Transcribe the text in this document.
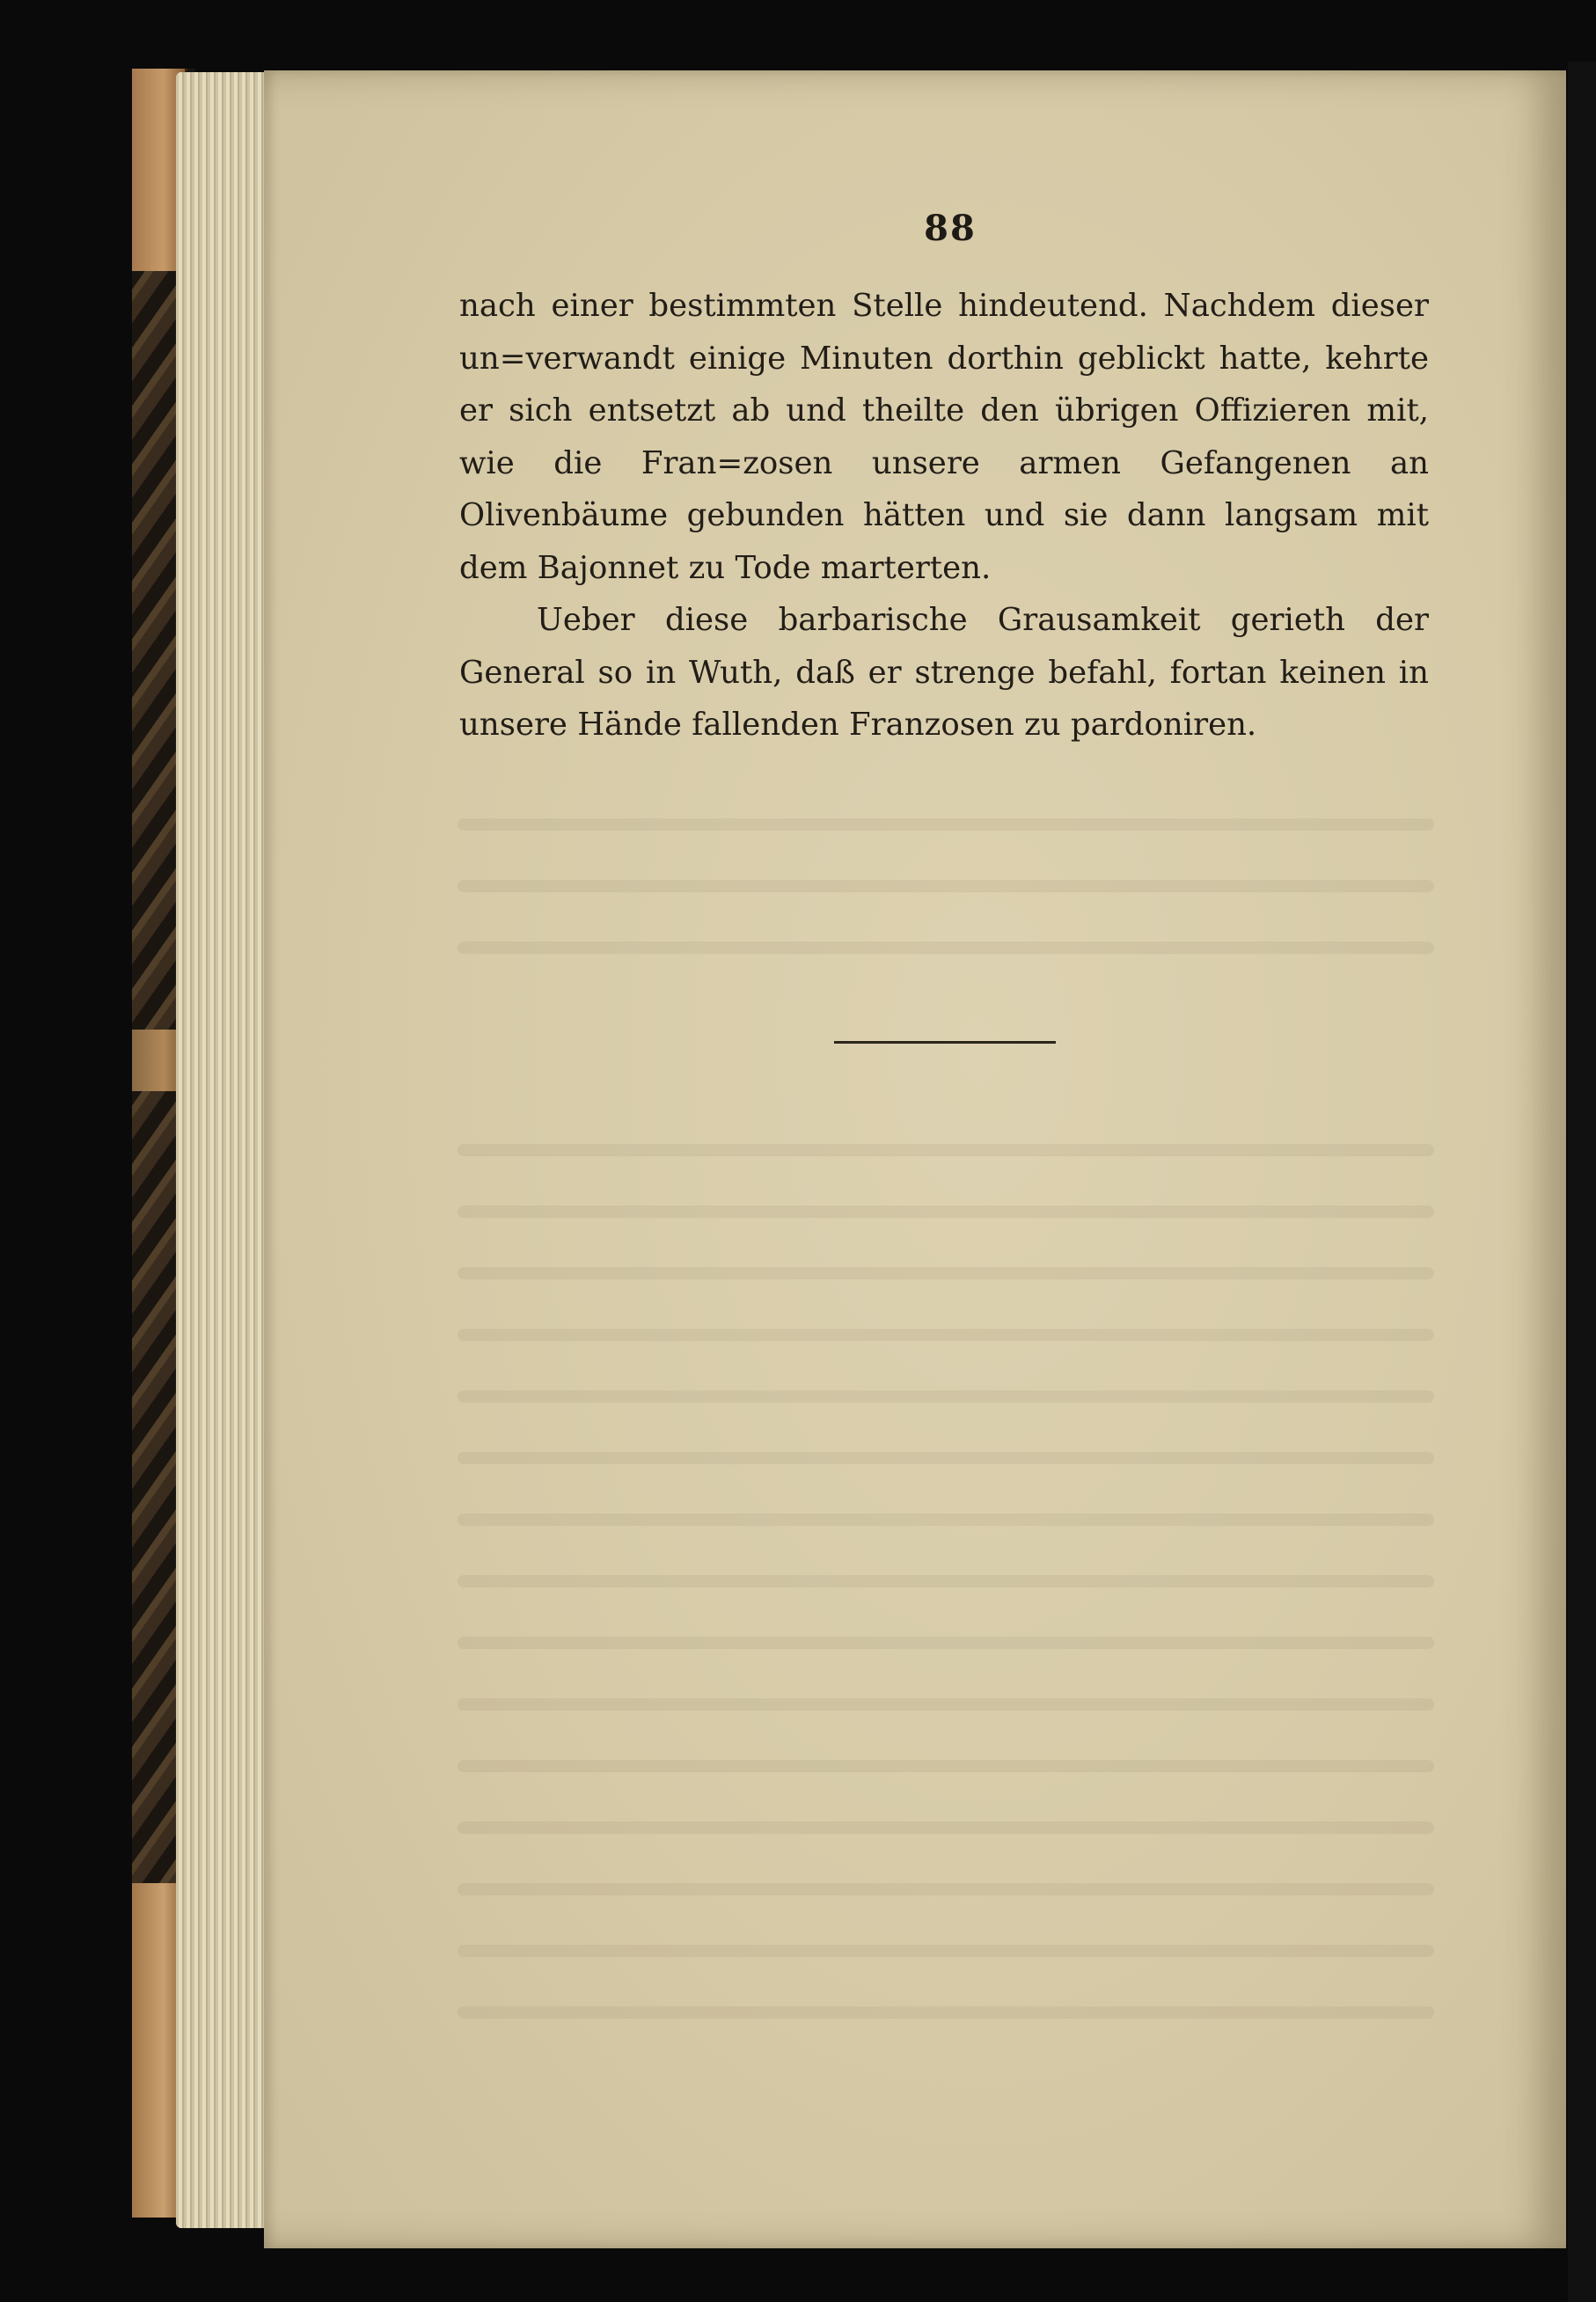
88

nach einer bestimmten Stelle hindeutend. Nachdem dieser un=verwandt einige Minuten dorthin geblickt hatte, kehrte er sich entsetzt ab und theilte den übrigen Offizieren mit, wie die Fran=zosen unsere armen Gefangenen an Olivenbäume gebunden hätten und sie dann langsam mit dem Bajonnet zu Tode marterten.

Ueber diese barbarische Grausamkeit gerieth der General so in Wuth, daß er strenge befahl, fortan keinen in unsere Hände fallenden Franzosen zu pardoniren.
